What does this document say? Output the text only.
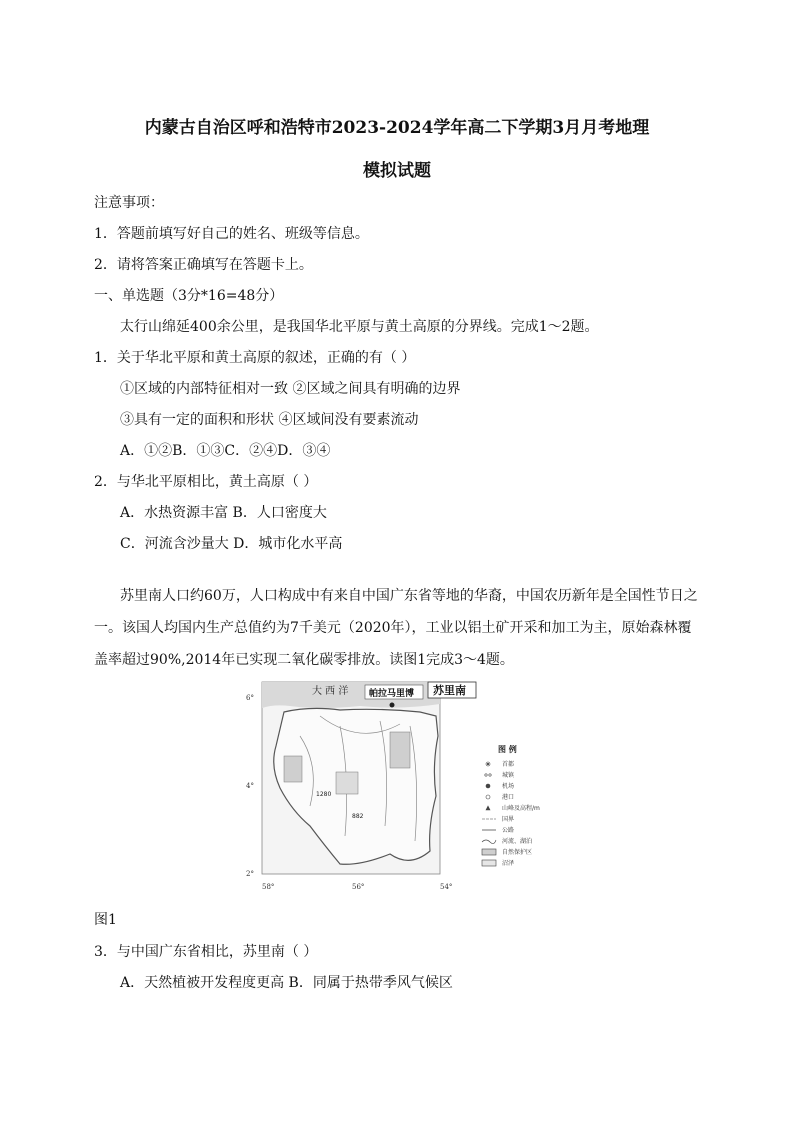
内蒙古自治区呼和浩特市2023-2024学年高二下学期3月月考地理
模拟试题
注意事项：
1．答题前填写好自己的姓名、班级等信息。
2．请将答案正确填写在答题卡上。
一、单选题（3分*16=48分）
太行山绵延400余公里，是我国华北平原与黄土高原的分界线。完成1～2题。
1．关于华北平原和黄土高原的叙述，正确的有（ ）
①区域的内部特征相对一致 ②区域之间具有明确的边界
③具有一定的面积和形状 ④区域间没有要素流动
A．①②B．①③C．②④D．③④
2．与华北平原相比，黄土高原（ ）
A．水热资源丰富 B．人口密度大
C．河流含沙量大 D．城市化水平高
苏里南人口约60万，人口构成中有来自中国广东省等地的华裔，中国农历新年是全国性节日之
一。该国人均国内生产总值约为7千美元（2020年），工业以铝土矿开采和加工为主，原始森林覆
盖率超过90%,2014年已实现二氧化碳零排放。读图1完成3～4题。
大 西 洋 帕拉马里博
1280
882
苏里南
6°
4°
2°
58°	56°	54°
图 例
首都
城镇
机场
港口
山峰及高程/m
国界
公路
河流、湖泊
自然保护区
沼泽
图1
3．与中国广东省相比，苏里南（ ）
A．天然植被开发程度更高 B．同属于热带季风气候区
